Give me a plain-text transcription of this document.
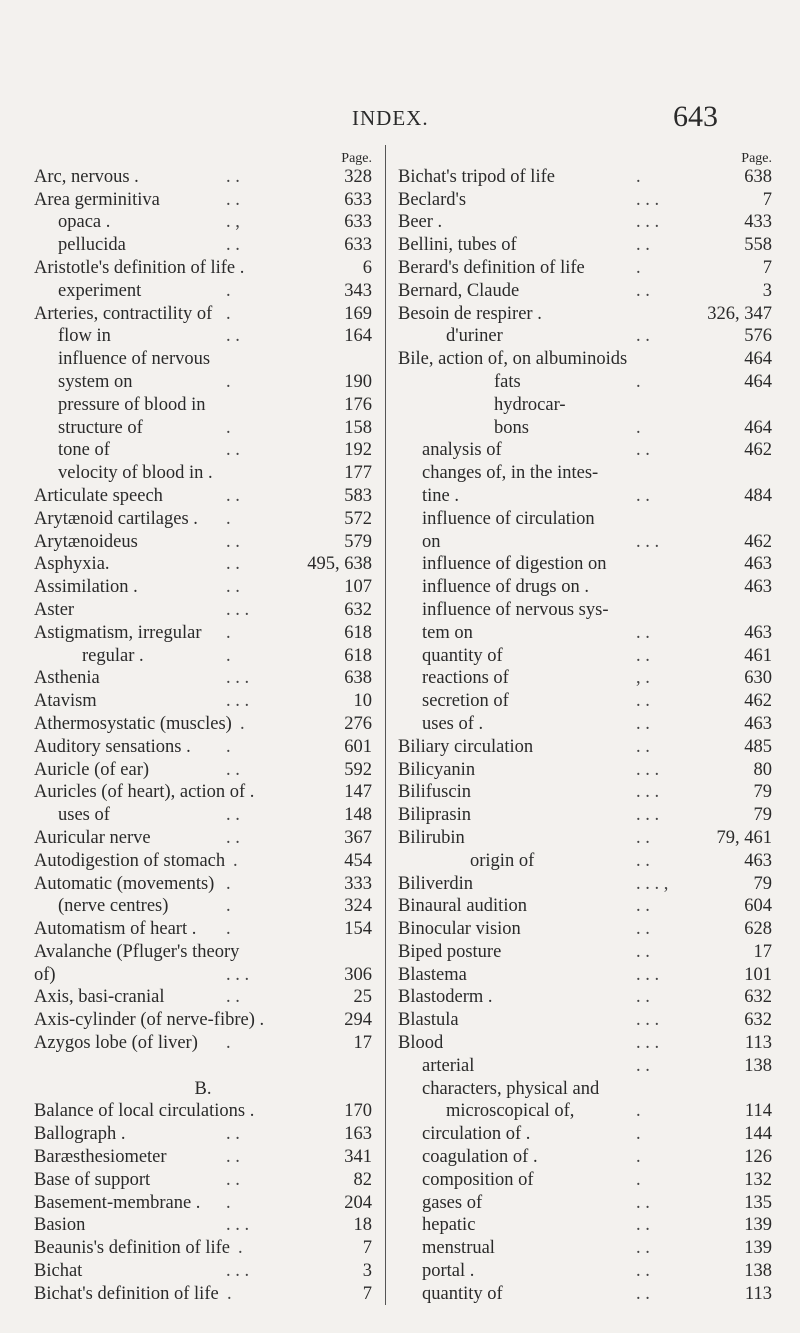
INDEX.	643
Page.
Arc, nervous .	. .	328
Area germinitiva	. .	633
opaca .	. ,	633
pellucida	. .	633
Aristotle's definition of life .	6
experiment	.	343
Arteries, contractility of .	169
flow in	. .	164
influence of nervous
system on	.	190
pressure of blood in	176
structure of	.	158
tone of	. .	192
velocity of blood in .	177
Articulate speech	. .	583
Arytænoid cartilages . .	572
Arytænoideus	. .	579
Asphyxia.	. .	495, 638
Assimilation .	. .	107
Aster	. . .	632
Astigmatism, irregular .	618
regular .	.	618
Asthenia	. . .	638
Atavism	. . .	10
Athermosystatic (muscles) .	276
Auditory sensations . .	601
Auricle (of ear)	. .	592
Auricles (of heart), action of .	147
uses of	. .	148
Auricular nerve	. .	367
Autodigestion of stomach .	454
Automatic (movements) .	333
(nerve centres)	.	324
Automatism of heart . .	154
Avalanche (Pfluger's theory
of)	. . .	306
Axis, basi-cranial	. .	25
Axis-cylinder (of nerve-fibre) .	294
Azygos lobe (of liver) .	17
B.
Balance of local circulations .	170
Ballograph .	. .	163
Baræsthesiometer	. .	341
Base of support	. .	82
Basement-membrane . .	204
Basion	. . .	18
Beaunis's definition of life .	7
Bichat	. . .	3
Bichat's definition of life .	7
Page.
Bichat's tripod of life	.	638
Beclard's	. . .	7
Beer .	. . .	433
Bellini, tubes of	. .	558
Berard's definition of life	.	7
Bernard, Claude	. .	3
Besoin de respirer .	326, 347
d'uriner	. .	576
Bile, action of, on albuminoids	464
fats	.	464
hydrocar-
bons	.	464
analysis of	. .	462
changes of, in the intes-
tine .	. .	484
influence of circulation
on	. . .	462
influence of digestion on	463
influence of drugs on .	463
influence of nervous sys-
tem on	. .	463
quantity of	. .	461
reactions of	, .	630
secretion of	. .	462
uses of .	. .	463
Biliary circulation	. .	485
Bilicyanin	. . .	80
Bilifuscin	. . .	79
Biliprasin	. . .	79
Bilirubin	. .	79, 461
origin of	. .	463
Biliverdin	. . . ,	79
Binaural audition	. .	604
Binocular vision	. .	628
Biped posture	. .	17
Blastema	. . .	101
Blastoderm .	. .	632
Blastula	. . .	632
Blood	. . .	113
arterial	. .	138
characters, physical and
microscopical of,	.	114
circulation of .	.	144
coagulation of .	.	126
composition of	.	132
gases of	. .	135
hepatic	. .	139
menstrual	. .	139
portal .	. .	138
quantity of	. .	113
